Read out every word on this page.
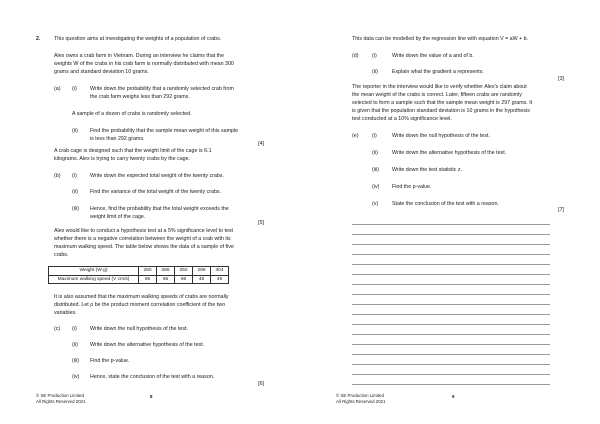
2.	This question aims at investigating the weights of a population of crabs.
Alex owns a crab farm in Vietnam. During an interview he claims that the
weights W of the crabs in his crab farm is normally distributed with mean 300
grams and standard deviation 10 grams.
(a) (i)	Write down the probability that a randomly selected crab from
the crab farm weighs less than 292 grams.
A sample of a dozen of crabs is randomly selected.
(ii) Find the probability that the sample mean weight of this sample
is less than 292 grams.
[4]
A crab cage is designed such that the weight limit of the cage is 6.1
kilograms. Alex is trying to carry twenty crabs by the cage.
(b) (i)	Write down the expected total weight of the twenty crabs.
(ii) Find the variance of the total weight of the twenty crabs.
(iii) Hence, find the probability that the total weight exceeds the
weight limit of the cage.
[5]
Alex would like to conduct a hypothesis test at a 5% significance level to test
whether there is a negative correlation between the weight of a crab with its
maximum walking speed. The table below shows the data of a sample of five
crabs.
Weight (W g)	280	286	292	298	304
Maximum walking speed (V cm/s)	86	66	66	48	49
It is also assumed that the maximum walking speeds of crabs are normally
distributed. Let ρ be the product moment correlation coefficient of the two
variables.
(c) (i)	Write down the null hypothesis of the test.
(ii) Write down the alternative hypothesis of the test.
(iii) Find the p-value.
(iv) Hence, state the conclusion of the test with a reason.
[6]
© SE Production Limited
All Rights Reserved 2021
8
This data can be modelled by the regression line with equation V = aW + b.
(d)	(i)	Write down the value of a and of b.
(ii)	Explain what the gradient a represents.
[3]
The reporter in the interview would like to verify whether Alex's claim about
the mean weight of the crabs is correct. Later, fifteen crabs are randomly
selected to form a sample such that the sample mean weight is 297 grams. It
is given that the population standard deviation is 10 grams in the hypothesis
test conducted at a 10% significance level.
(e)	(i)	Write down the null hypothesis of the test.
(ii)	Write down the alternative hypothesis of the test.
(iii) Write down the test statistic z.
(iv) Find the p-value.
(v)	State the conclusion of the test with a reason.
[7]
© SE Production Limited
All Rights Reserved 2021
9
